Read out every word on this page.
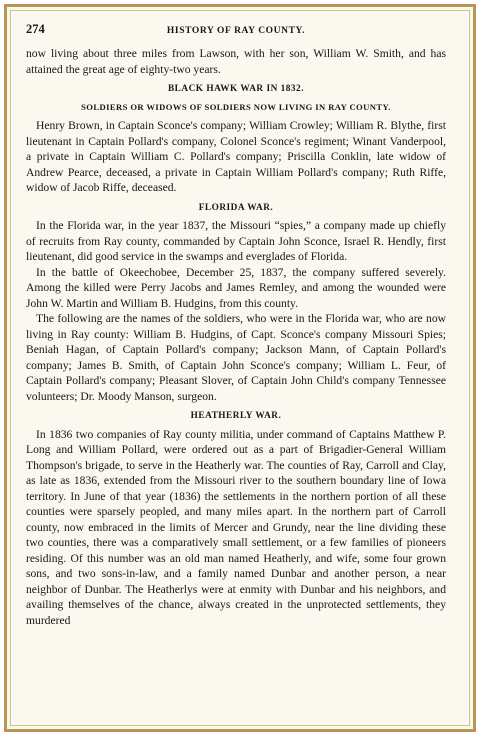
274	HISTORY OF RAY COUNTY.

now living about three miles from Lawson, with her son, William W. Smith, and has attained the great age of eighty-two years.

BLACK HAWK WAR IN 1832.
SOLDIERS OR WIDOWS OF SOLDIERS NOW LIVING IN RAY COUNTY.

Henry Brown, in Captain Sconce's company; William Crowley; William R. Blythe, first lieutenant in Captain Pollard's company, Colonel Sconce's regiment; Winant Vanderpool, a private in Captain William C. Pollard's company; Priscilla Conklin, late widow of Andrew Pearce, deceased, a private in Captain William Pollard's company; Ruth Riffe, widow of Jacob Riffe, deceased.

FLORIDA WAR.

In the Florida war, in the year 1837, the Missouri “spies,” a company made up chiefly of recruits from Ray county, commanded by Captain John Sconce, Israel R. Hendly, first lieutenant, did good service in the swamps and everglades of Florida.

In the battle of Okeechobee, December 25, 1837, the company suffered severely. Among the killed were Perry Jacobs and James Remley, and among the wounded were John W. Martin and William B. Hudgins, from this county.

The following are the names of the soldiers, who were in the Florida war, who are now living in Ray county: William B. Hudgins, of Capt. Sconce's company Missouri Spies; Beniah Hagan, of Captain Pollard's company; Jackson Mann, of Captain Pollard's company; James B. Smith, of Captain John Sconce's company; William L. Feur, of Captain Pollard's company; Pleasant Slover, of Captain John Child's company Tennessee volunteers; Dr. Moody Manson, surgeon.

HEATHERLY WAR.

In 1836 two companies of Ray county militia, under command of Captains Matthew P. Long and William Pollard, were ordered out as a part of Brigadier-General William Thompson's brigade, to serve in the Heatherly war. The counties of Ray, Carroll and Clay, as late as 1836, extended from the Missouri river to the southern boundary line of Iowa territory. In June of that year (1836) the settlements in the northern portion of all these counties were sparsely peopled, and many miles apart. In the northern part of Carroll county, now embraced in the limits of Mercer and Grundy, near the line dividing these two counties, there was a comparatively small settlement, or a few families of pioneers residing. Of this number was an old man named Heatherly, and wife, some four grown sons, and two sons-in-law, and a family named Dunbar and another person, a near neighbor of Dunbar. The Heatherlys were at enmity with Dunbar and his neighbors, and availing themselves of the chance, always created in the unprotected settlements, they murdered
